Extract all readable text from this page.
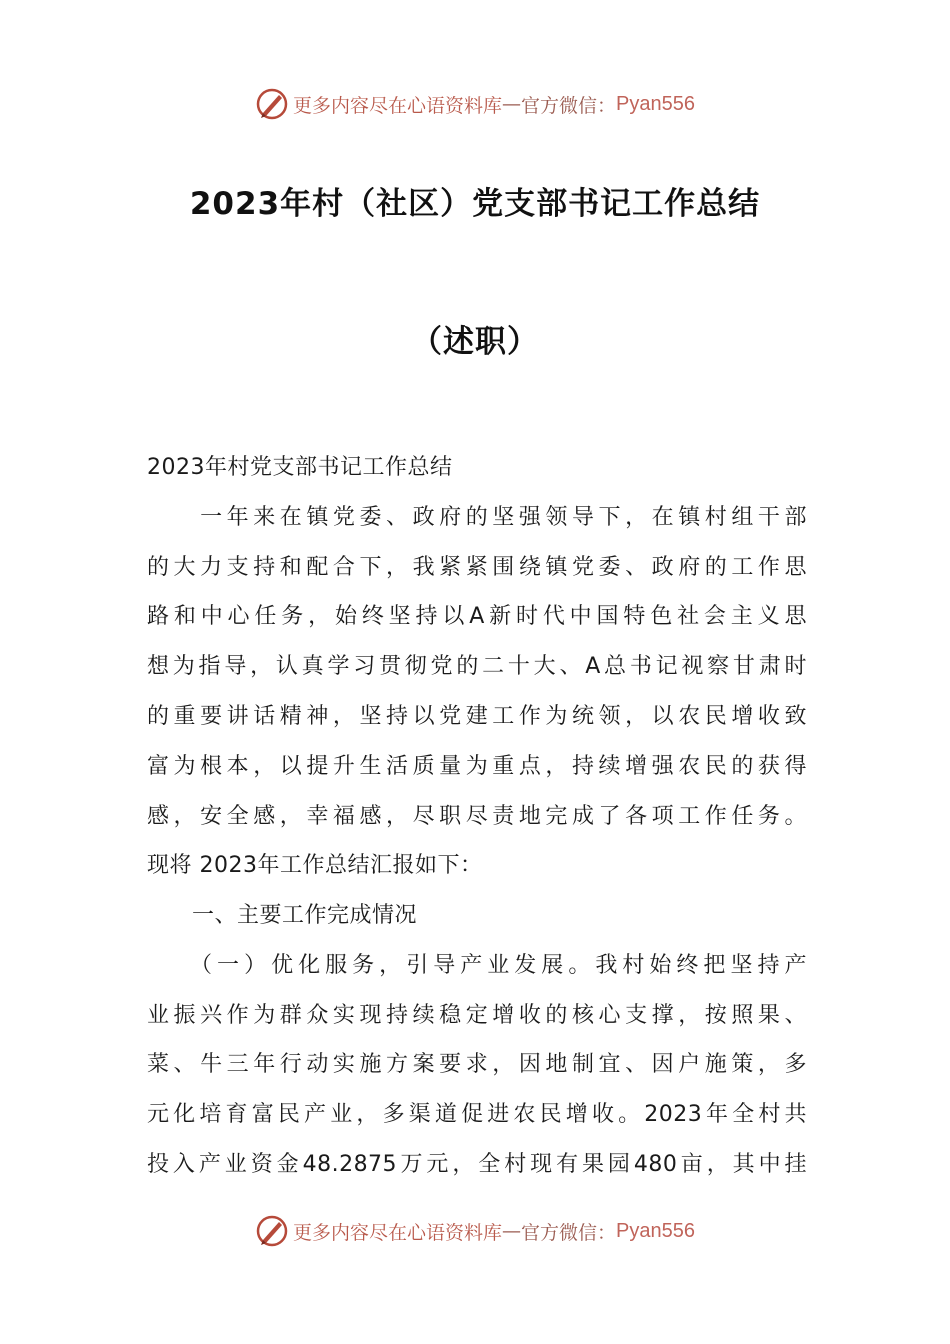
更多内容尽在心语资料库 — 官方微信： Pyan556
2023年村（社区）党支部书记工作总结
（述职）
2023年村党支部书记工作总结
　　一年来在镇党委、政府的坚强领导下，在镇村组干部
的大力支持和配合下，我紧紧围绕镇党委、政府的工作思
路和中心任务，始终坚持以A新时代中国特色社会主义思
想为指导，认真学习贯彻党的二十大、A总书记视察甘肃时
的重要讲话精神，坚持以党建工作为统领，以农民增收致
富为根本，以提升生活质量为重点，持续增强农民的获得
感，安全感，幸福感，尽职尽责地完成了各项工作任务。
现将 2023年工作总结汇报如下：
　　一、主要工作完成情况
　　（一）优化服务，引导产业发展。我村始终把坚持产
业振兴作为群众实现持续稳定增收的核心支撑，按照果、
菜、牛三年行动实施方案要求，因地制宜、因户施策，多
元化培育富民产业，多渠道促进农民增收。2023年全村共
投入产业资金48.2875万元，全村现有果园480亩，其中挂
更多内容尽在心语资料库 — 官方微信： Pyan556
